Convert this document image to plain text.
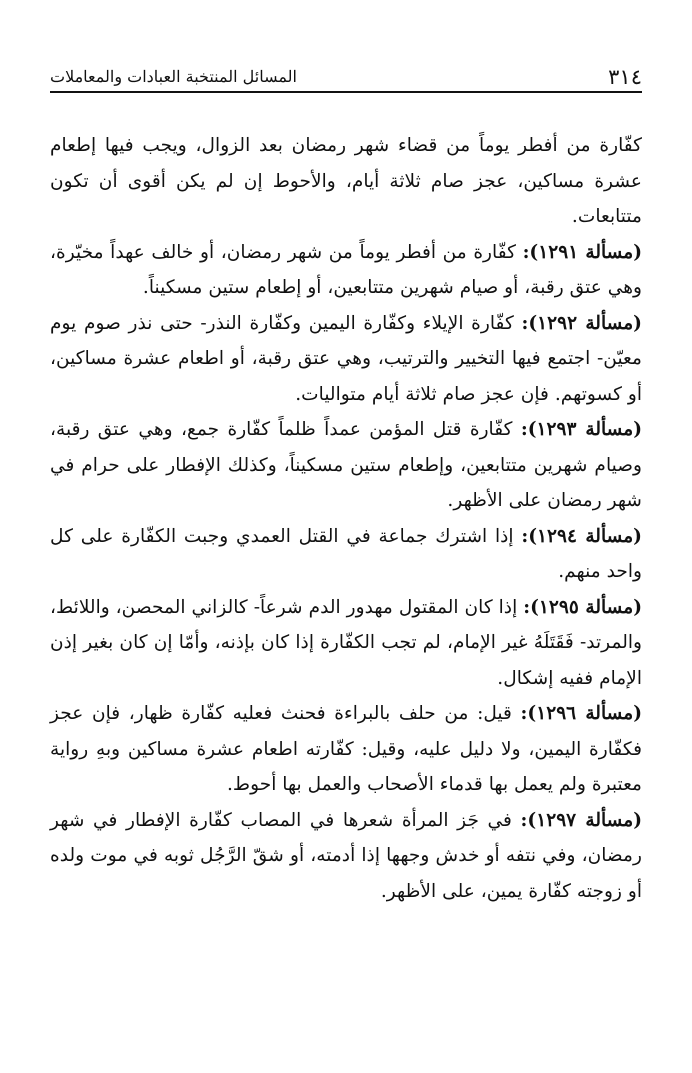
٣١٤
المسائل المنتخبة العبادات والمعاملات

كفّارة من أفطر يوماً من قضاء شهر رمضان بعد الزوال، ويجب فيها إطعام عشرة مساكين، عجز صام ثلاثة أيام، والأحوط إن لم يكن أقوى أن تكون متتابعات.

(مسألة ١٢٩١): كفّارة من أفطر يوماً من شهر رمضان، أو خالف عهداً مخيّرة، وهي عتق رقبة، أو صيام شهرين متتابعين، أو إطعام ستين مسكيناً.

(مسألة ١٢٩٢): كفّارة الإيلاء وكفّارة اليمين وكفّارة النذر- حتى نذر صوم يوم معيّن- اجتمع فيها التخيير والترتيب، وهي عتق رقبة، أو اطعام عشرة مساكين، أو كسوتهم. فإن عجز صام ثلاثة أيام متواليات.

(مسألة ١٢٩٣): كفّارة قتل المؤمن عمداً ظلماً كفّارة جمع، وهي عتق رقبة، وصيام شهرين متتابعين، وإطعام ستين مسكيناً، وكذلك الإفطار على حرام في شهر رمضان على الأظهر.

(مسألة ١٢٩٤): إذا اشترك جماعة في القتل العمدي وجبت الكفّارة على كل واحد منهم.

(مسألة ١٢٩٥): إذا كان المقتول مهدور الدم شرعاً- كالزاني المحصن، واللائط، والمرتد- فَقَتَلَهُ غير الإمام، لم تجب الكفّارة إذا كان بإذنه، وأمّا إن كان بغير إذن الإمام ففيه إشكال.

(مسألة ١٢٩٦): قيل: من حلف بالبراءة فحنث فعليه كفّارة ظهار، فإن عجز فكفّارة اليمين، ولا دليل عليه، وقيل: كفّارته اطعام عشرة مساكين وبهِ رواية معتبرة ولم يعمل بها قدماء الأصحاب والعمل بها أحوط.

(مسألة ١٢٩٧): في جَز المرأة شعرها في المصاب كفّارة الإفطار في شهر رمضان، وفي نتفه أو خدش وجهها إذا أدمته، أو شقّ الرَّجُل ثوبه في موت ولده أو زوجته كفّارة يمين، على الأظهر.
